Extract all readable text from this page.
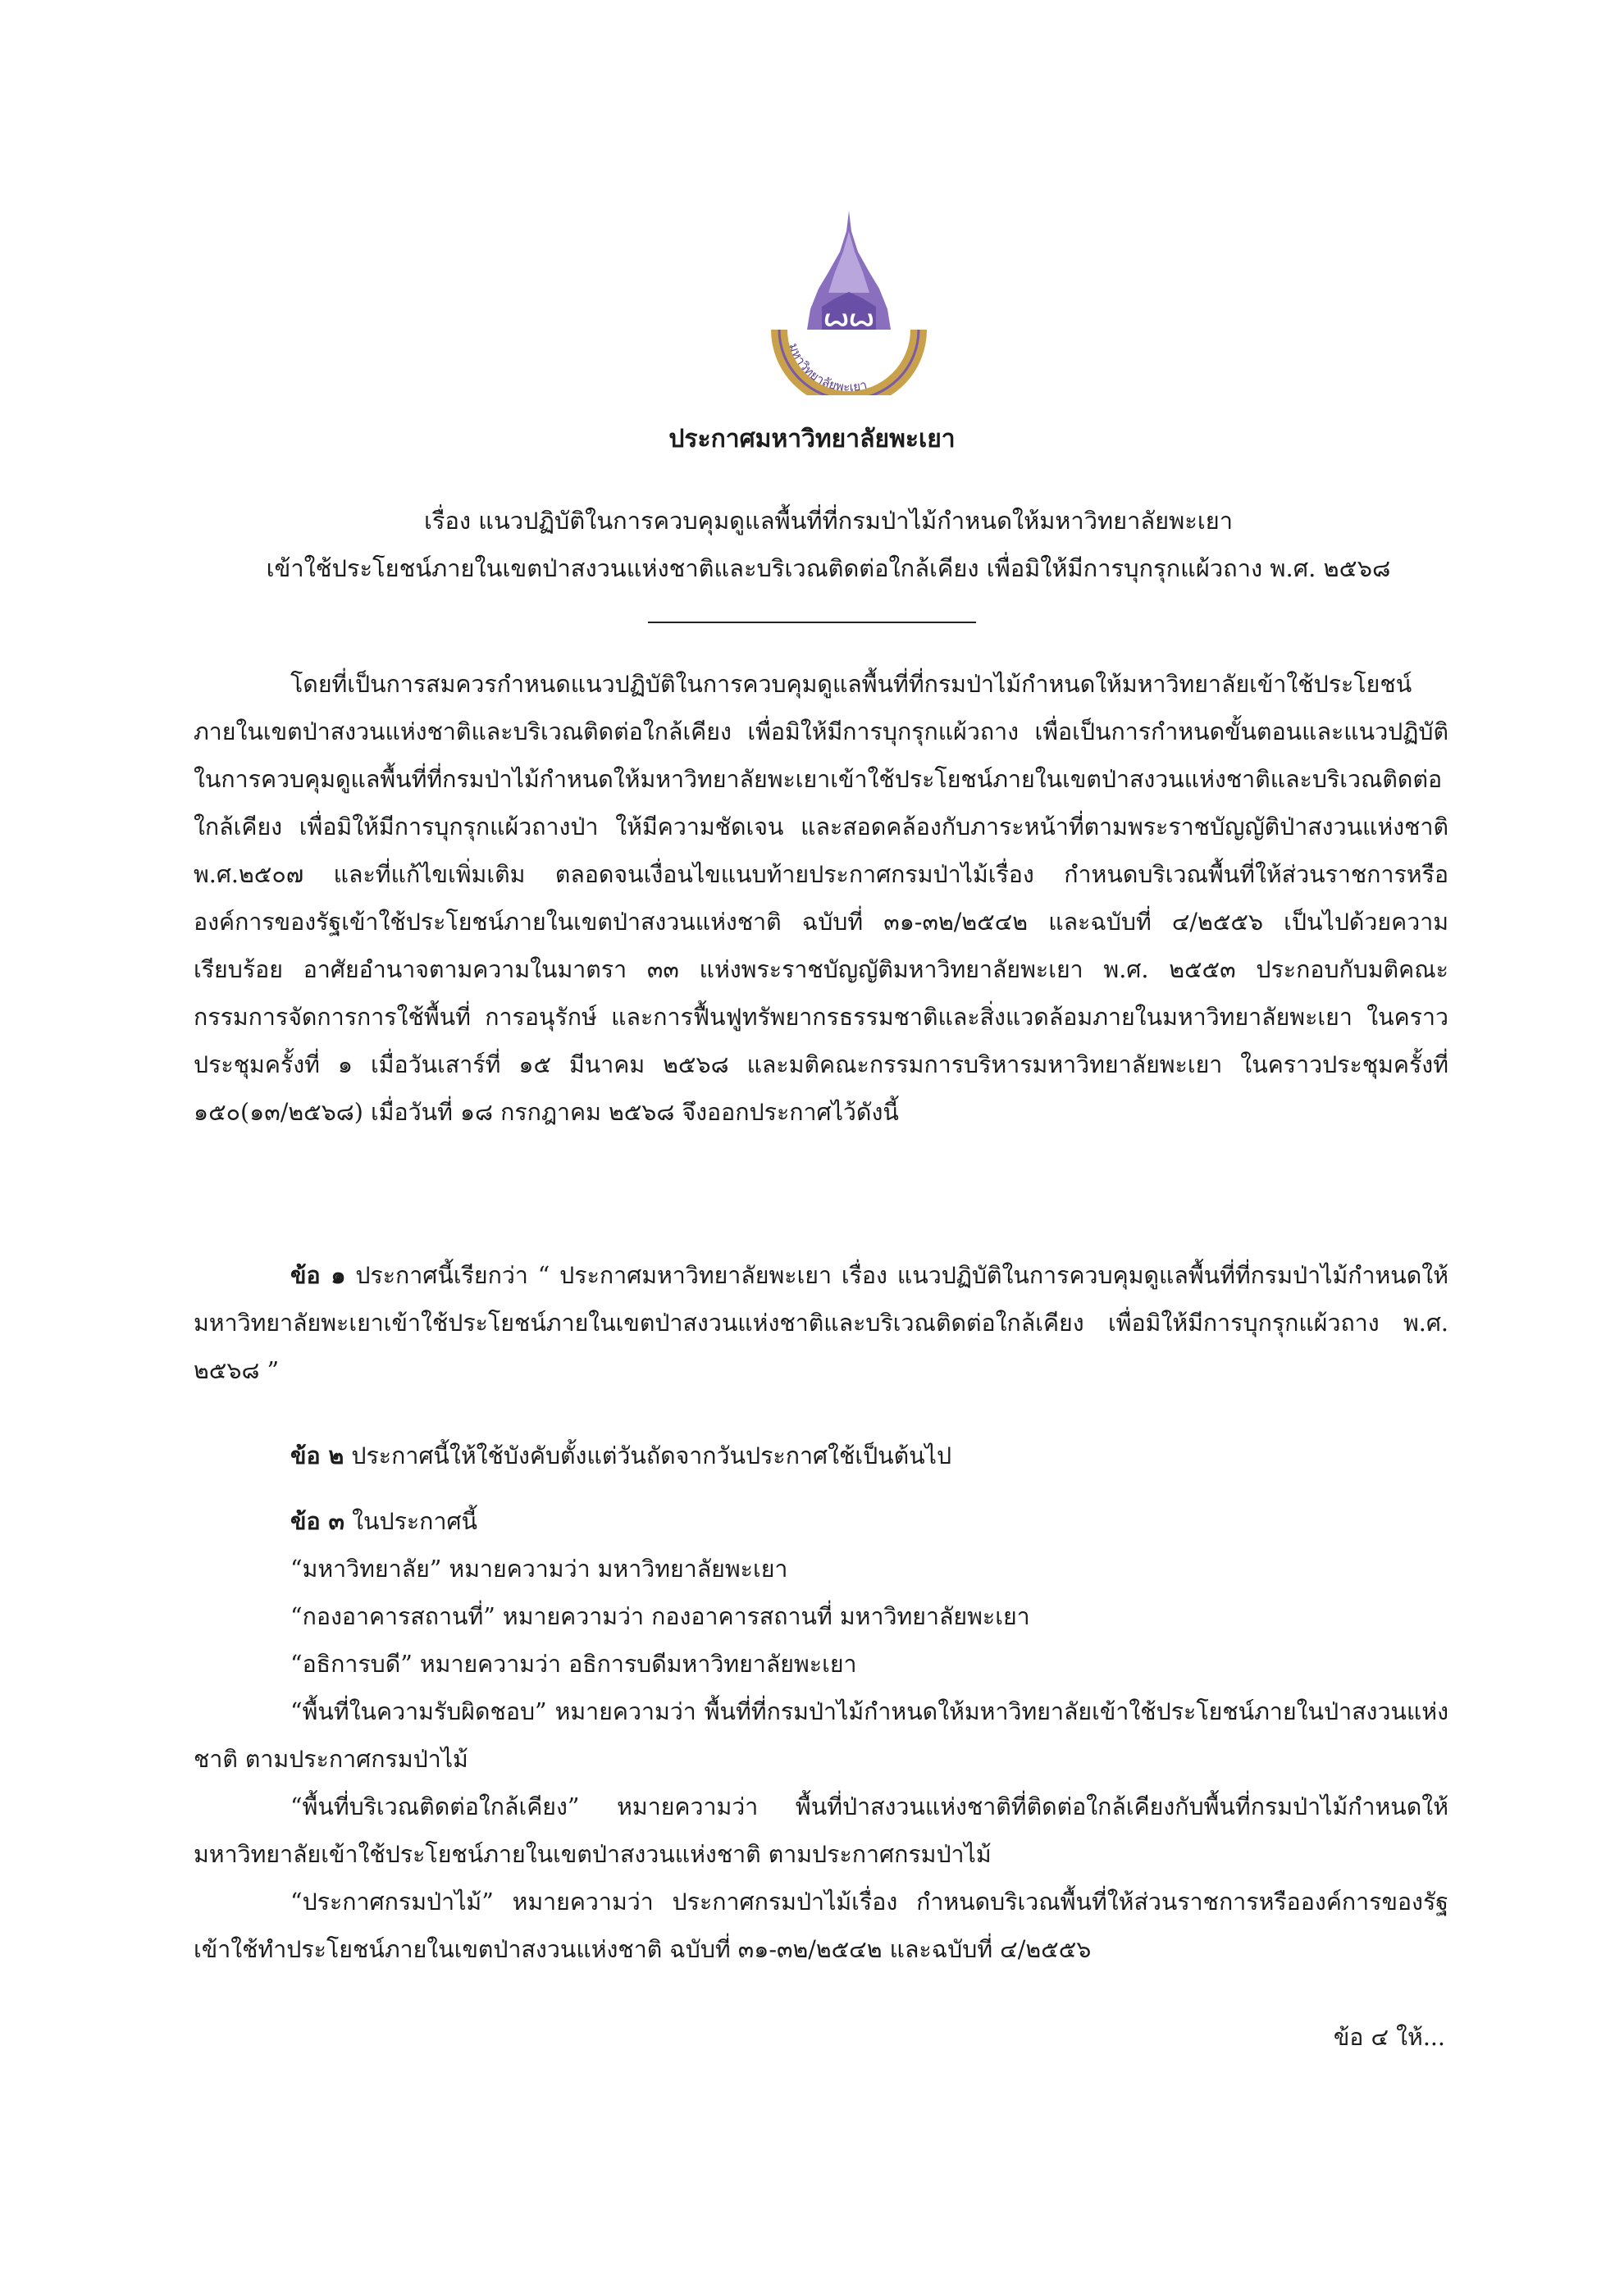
ꙍꙍ
มหาวิทยาลัยพะเยา
ประกาศมหาวิทยาลัยพะเยา
เรื่อง แนวปฏิบัติในการควบคุมดูแลพื้นที่ที่กรมป่าไม้กำหนดให้มหาวิทยาลัยพะเยา
เข้าใช้ประโยชน์ภายในเขตป่าสงวนแห่งชาติและบริเวณติดต่อใกล้เคียง เพื่อมิให้มีการบุกรุกแผ้วถาง พ.ศ. ๒๕๖๘

โดยที่เป็นการสมควรกำหนดแนวปฏิบัติในการควบคุมดูแลพื้นที่ที่กรมป่าไม้กำหนดให้มหาวิทยาลัยเข้าใช้ประโยชน์ภายในเขตป่าสงวนแห่งชาติและบริเวณติดต่อใกล้เคียง เพื่อมิให้มีการบุกรุกแผ้วถาง เพื่อเป็นการกำหนดขั้นตอนและแนวปฏิบัติในการควบคุมดูแลพื้นที่ที่กรมป่าไม้กำหนดให้มหาวิทยาลัยพะเยาเข้าใช้ประโยชน์ภายในเขตป่าสงวนแห่งชาติและบริเวณติดต่อใกล้เคียง เพื่อมิให้มีการบุกรุกแผ้วถางป่า ให้มีความชัดเจน และสอดคล้องกับภาระหน้าที่ตามพระราชบัญญัติป่าสงวนแห่งชาติ พ.ศ.๒๕๐๗ และที่แก้ไขเพิ่มเติม ตลอดจนเงื่อนไขแนบท้ายประกาศกรมป่าไม้เรื่อง กำหนดบริเวณพื้นที่ให้ส่วนราชการหรือองค์การของรัฐเข้าใช้ประโยชน์ภายในเขตป่าสงวนแห่งชาติ ฉบับที่ ๓๑-๓๒/๒๕๔๒ และฉบับที่ ๔/๒๕๕๖ เป็นไปด้วยความเรียบร้อย อาศัยอำนาจตามความในมาตรา ๓๓ แห่งพระราชบัญญัติมหาวิทยาลัยพะเยา พ.ศ. ๒๕๕๓ ประกอบกับมติคณะกรรมการจัดการการใช้พื้นที่ การอนุรักษ์ และการฟื้นฟูทรัพยากรธรรมชาติและสิ่งแวดล้อมภายในมหาวิทยาลัยพะเยา ในคราวประชุมครั้งที่ ๑ เมื่อวันเสาร์ที่ ๑๕ มีนาคม ๒๕๖๘ และมติคณะกรรมการบริหารมหาวิทยาลัยพะเยา ในคราวประชุมครั้งที่ ๑๕๐(๑๓/๒๕๖๘) เมื่อวันที่ ๑๘ กรกฎาคม ๒๕๖๘ จึงออกประกาศไว้ดังนี้

ข้อ ๑ ประกาศนี้เรียกว่า “ ประกาศมหาวิทยาลัยพะเยา เรื่อง แนวปฏิบัติในการควบคุมดูแลพื้นที่ที่กรมป่าไม้กำหนดให้มหาวิทยาลัยพะเยาเข้าใช้ประโยชน์ภายในเขตป่าสงวนแห่งชาติและบริเวณติดต่อใกล้เคียง เพื่อมิให้มีการบุกรุกแผ้วถาง พ.ศ. ๒๕๖๘ ”

ข้อ ๒ ประกาศนี้ให้ใช้บังคับตั้งแต่วันถัดจากวันประกาศใช้เป็นต้นไป

ข้อ ๓ ในประกาศนี้

“มหาวิทยาลัย” หมายความว่า มหาวิทยาลัยพะเยา
“กองอาคารสถานที่” หมายความว่า กองอาคารสถานที่ มหาวิทยาลัยพะเยา
“อธิการบดี” หมายความว่า อธิการบดีมหาวิทยาลัยพะเยา
“พื้นที่ในความรับผิดชอบ” หมายความว่า พื้นที่ที่กรมป่าไม้กำหนดให้มหาวิทยาลัยเข้าใช้ประโยชน์ภายในป่าสงวนแห่งชาติ ตามประกาศกรมป่าไม้
“พื้นที่บริเวณติดต่อใกล้เคียง” หมายความว่า พื้นที่ป่าสงวนแห่งชาติที่ติดต่อใกล้เคียงกับพื้นที่กรมป่าไม้กำหนดให้มหาวิทยาลัยเข้าใช้ประโยชน์ภายในเขตป่าสงวนแห่งชาติ ตามประกาศกรมป่าไม้
“ประกาศกรมป่าไม้” หมายความว่า ประกาศกรมป่าไม้เรื่อง กำหนดบริเวณพื้นที่ให้ส่วนราชการหรือองค์การของรัฐเข้าใช้ทำประโยชน์ภายในเขตป่าสงวนแห่งชาติ ฉบับที่ ๓๑-๓๒/๒๕๔๒ และฉบับที่ ๔/๒๕๕๖
ข้อ ๔ ให้...
